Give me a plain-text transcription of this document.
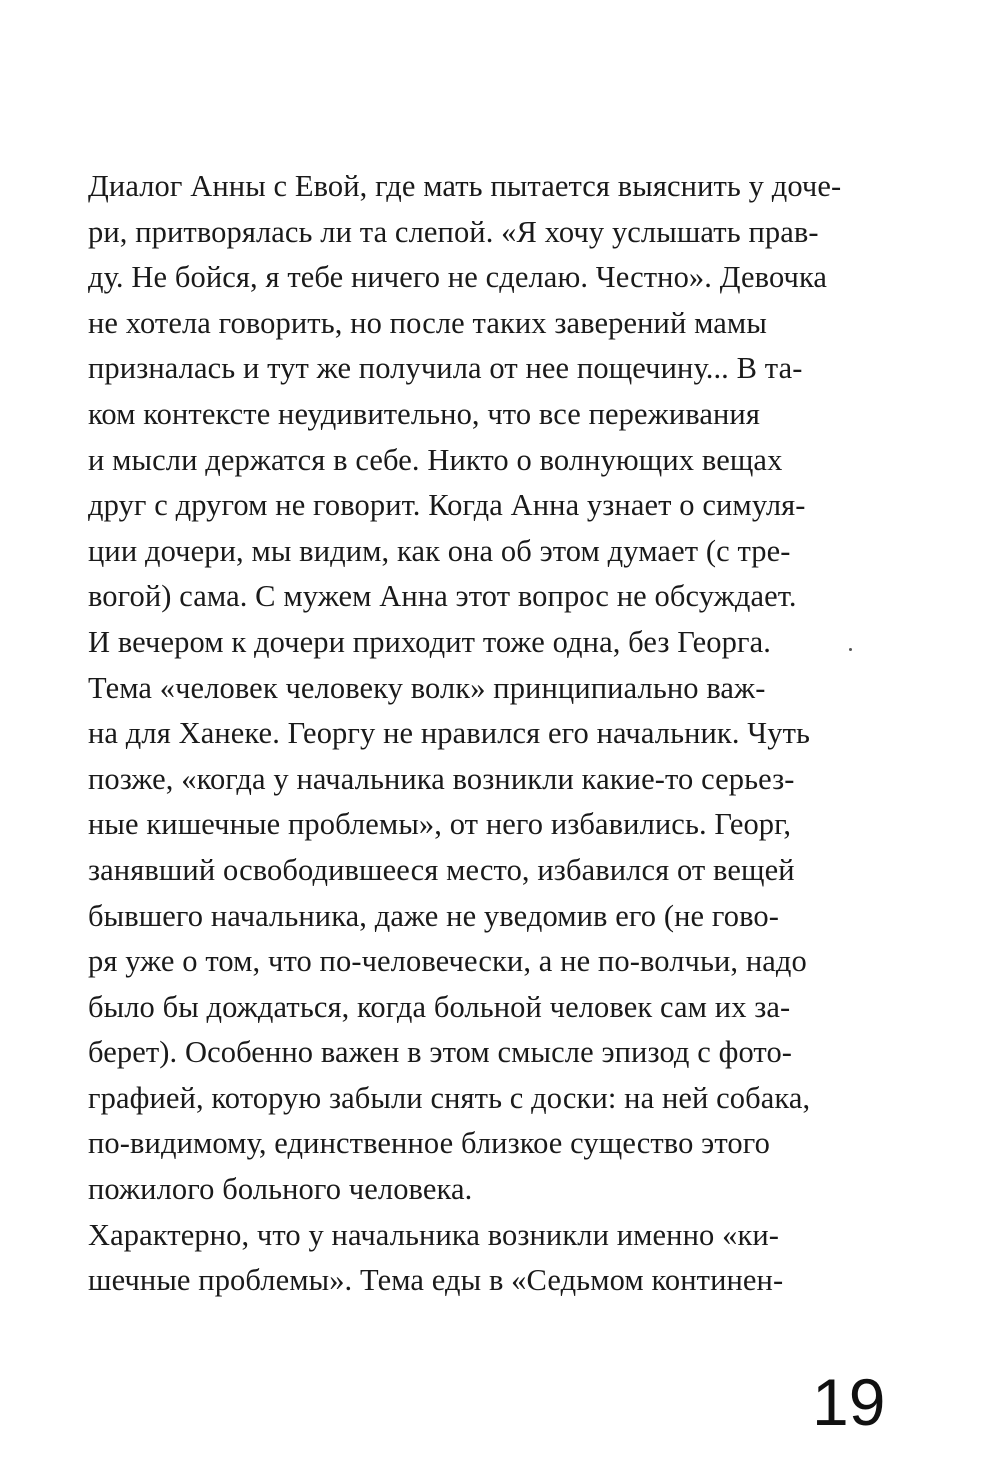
Диалог Анны с Евой, где мать пытается выяснить у доче-
ри, притворялась ли та слепой. «Я хочу услышать прав-
ду. Не бойся, я тебе ничего не сделаю. Честно». Девочка
не хотела говорить, но после таких заверений мамы
призналась и тут же получила от нее пощечину... В та-
ком контексте неудивительно, что все переживания
и мысли держатся в себе. Никто о волнующих вещах
друг с другом не говорит. Когда Анна узнает о симуля-
ции дочери, мы видим, как она об этом думает (с тре-
вогой) сама. С мужем Анна этот вопрос не обсуждает.
И вечером к дочери приходит тоже одна, без Георга.
Тема «человек человеку волк» принципиально важ-
на для Ханеке. Георгу не нравился его начальник. Чуть
позже, «когда у начальника возникли какие-то серьез-
ные кишечные проблемы», от него избавились. Георг,
занявший освободившееся место, избавился от вещей
бывшего начальника, даже не уведомив его (не гово-
ря уже о том, что по-человечески, а не по-волчьи, надо
было бы дождаться, когда больной человек сам их за-
берет). Особенно важен в этом смысле эпизод с фото-
графией, которую забыли снять с доски: на ней собака,
по-видимому, единственное близкое существо этого
пожилого больного человека.
Характерно, что у начальника возникли именно «ки-
шечные проблемы». Тема еды в «Седьмом континен-
19
